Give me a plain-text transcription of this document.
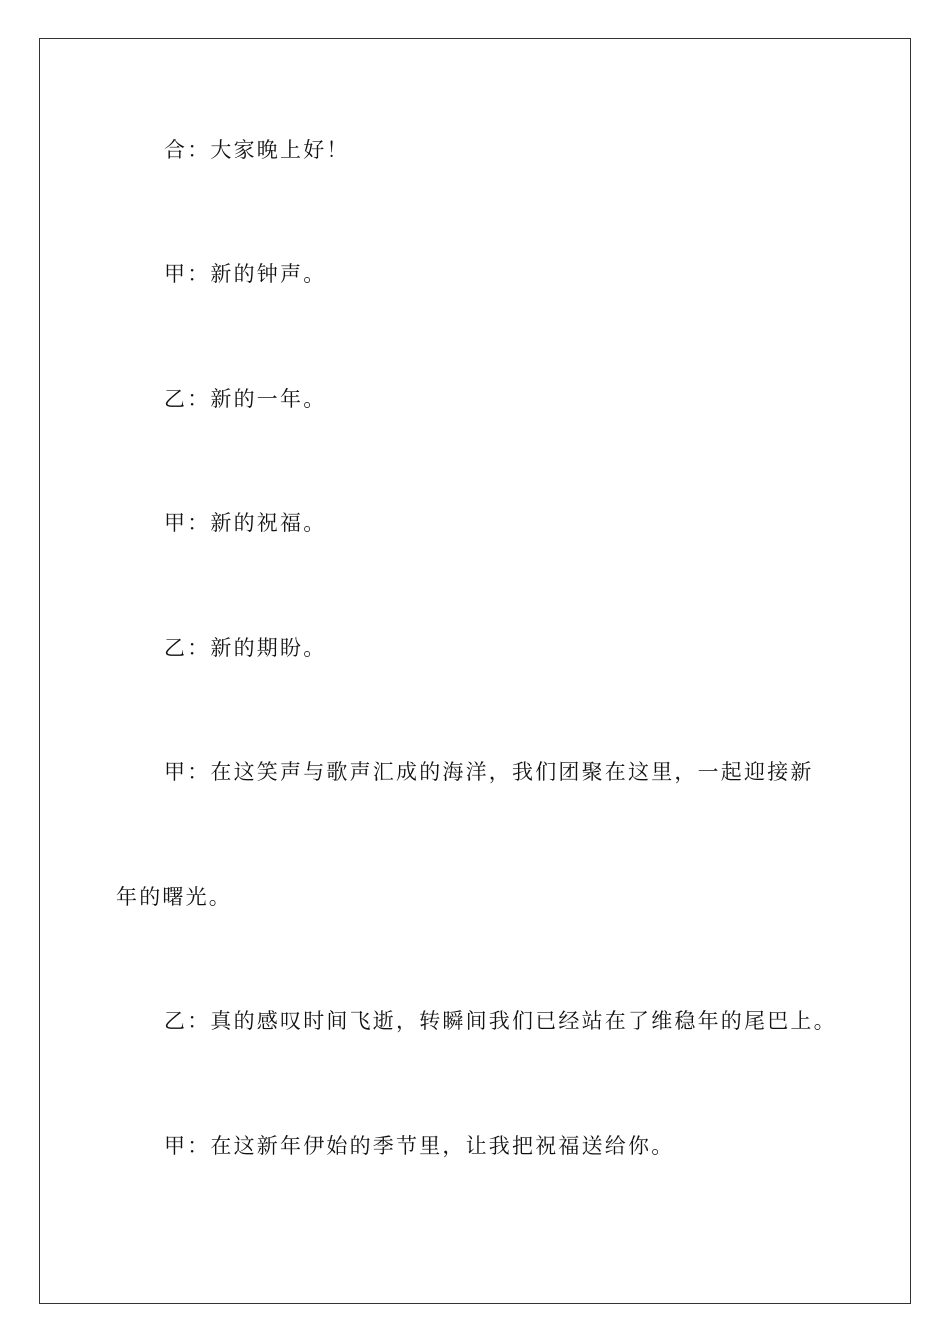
合：大家晚上好！
甲：新的钟声。
乙：新的一年。
甲：新的祝福。
乙：新的期盼。
甲：在这笑声与歌声汇成的海洋，我们团聚在这里，一起迎接新
年的曙光。
乙：真的感叹时间飞逝，转瞬间我们已经站在了维稳年的尾巴上。
甲：在这新年伊始的季节里，让我把祝福送给你。
